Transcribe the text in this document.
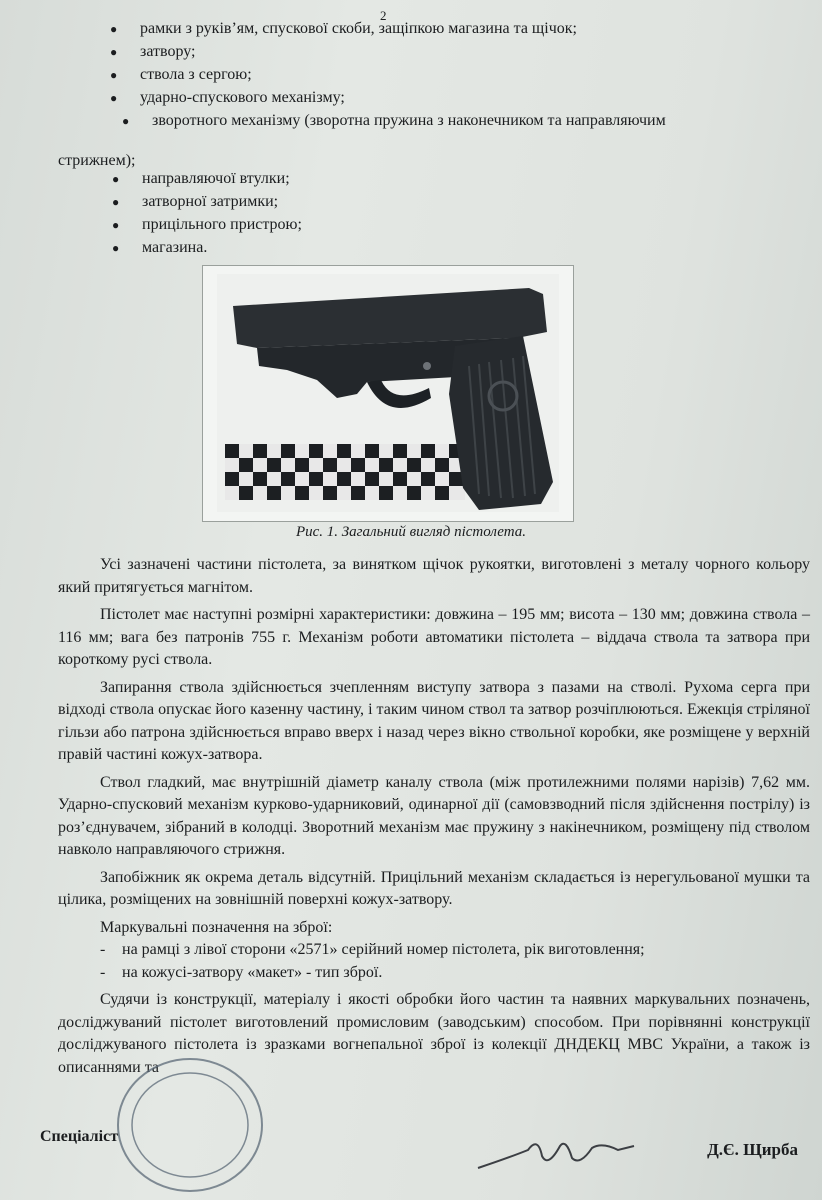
2
●	рамки з руків’ям, спускової скоби, защіпкою магазина та щічок;
●	затвору;
●	ствола з сергою;
●	ударно-спускового механізму;
●	зворотного механізму (зворотна пружина з наконечником та направляючим
стрижнем);
●	направляючої втулки;
●	затворної затримки;
●	прицільного пристрою;
●	магазина.
Рис. 1. Загальний вигляд пістолета.

Усі зазначені частини пістолета, за винятком щічок рукоятки, виготовлені з металу чорного кольору який притягується магнітом.

Пістолет має наступні розмірні характеристики: довжина – 195 мм; висота – 130 мм; довжина ствола – 116 мм; вага без патронів 755 г. Механізм роботи автоматики пістолета – віддача ствола та затвора при короткому русі ствола.

Запирання ствола здійснюється зчепленням виступу затвора з пазами на стволі. Рухома серга при відході ствола опускає його казенну частину, і таким чином ствол та затвор розчіплюються. Ежекція стріляної гільзи або патрона здійснюється вправо вверх і назад через вікно ствольної коробки, яке розміщене у верхній правій частині кожух-затвора.

Ствол гладкий, має внутрішній діаметр каналу ствола (між протилежними полями нарізів) 7,62 мм. Ударно-спусковий механізм курково-ударниковий, одинарної дії (самовзводний після здійснення пострілу) із роз’єднувачем, зібраний в колодці. Зворотний механізм має пружину з накінечником, розміщену під стволом навколо направляючого стрижня.

Запобіжник як окрема деталь відсутній. Прицільний механізм складається із нерегульованої мушки та цілика, розміщених на зовнішній поверхні кожух-затвору.

Маркувальні позначення на зброї:

-	на рамці з лівої сторони «2571» серійний номер пістолета, рік виготовлення;
-	на кожусі-затвору «макет» - тип зброї.

Судячи із конструкції, матеріалу і якості обробки його частин та наявних маркувальних позначень, досліджуваний пістолет виготовлений промисловим (заводським) способом. При порівнянні конструкції досліджуваного пістолета із зразками вогнепальної зброї із колекції ДНДЕКЦ МВС України, а також із описаннями та

Спеціаліст
Д.Є. Щирба
